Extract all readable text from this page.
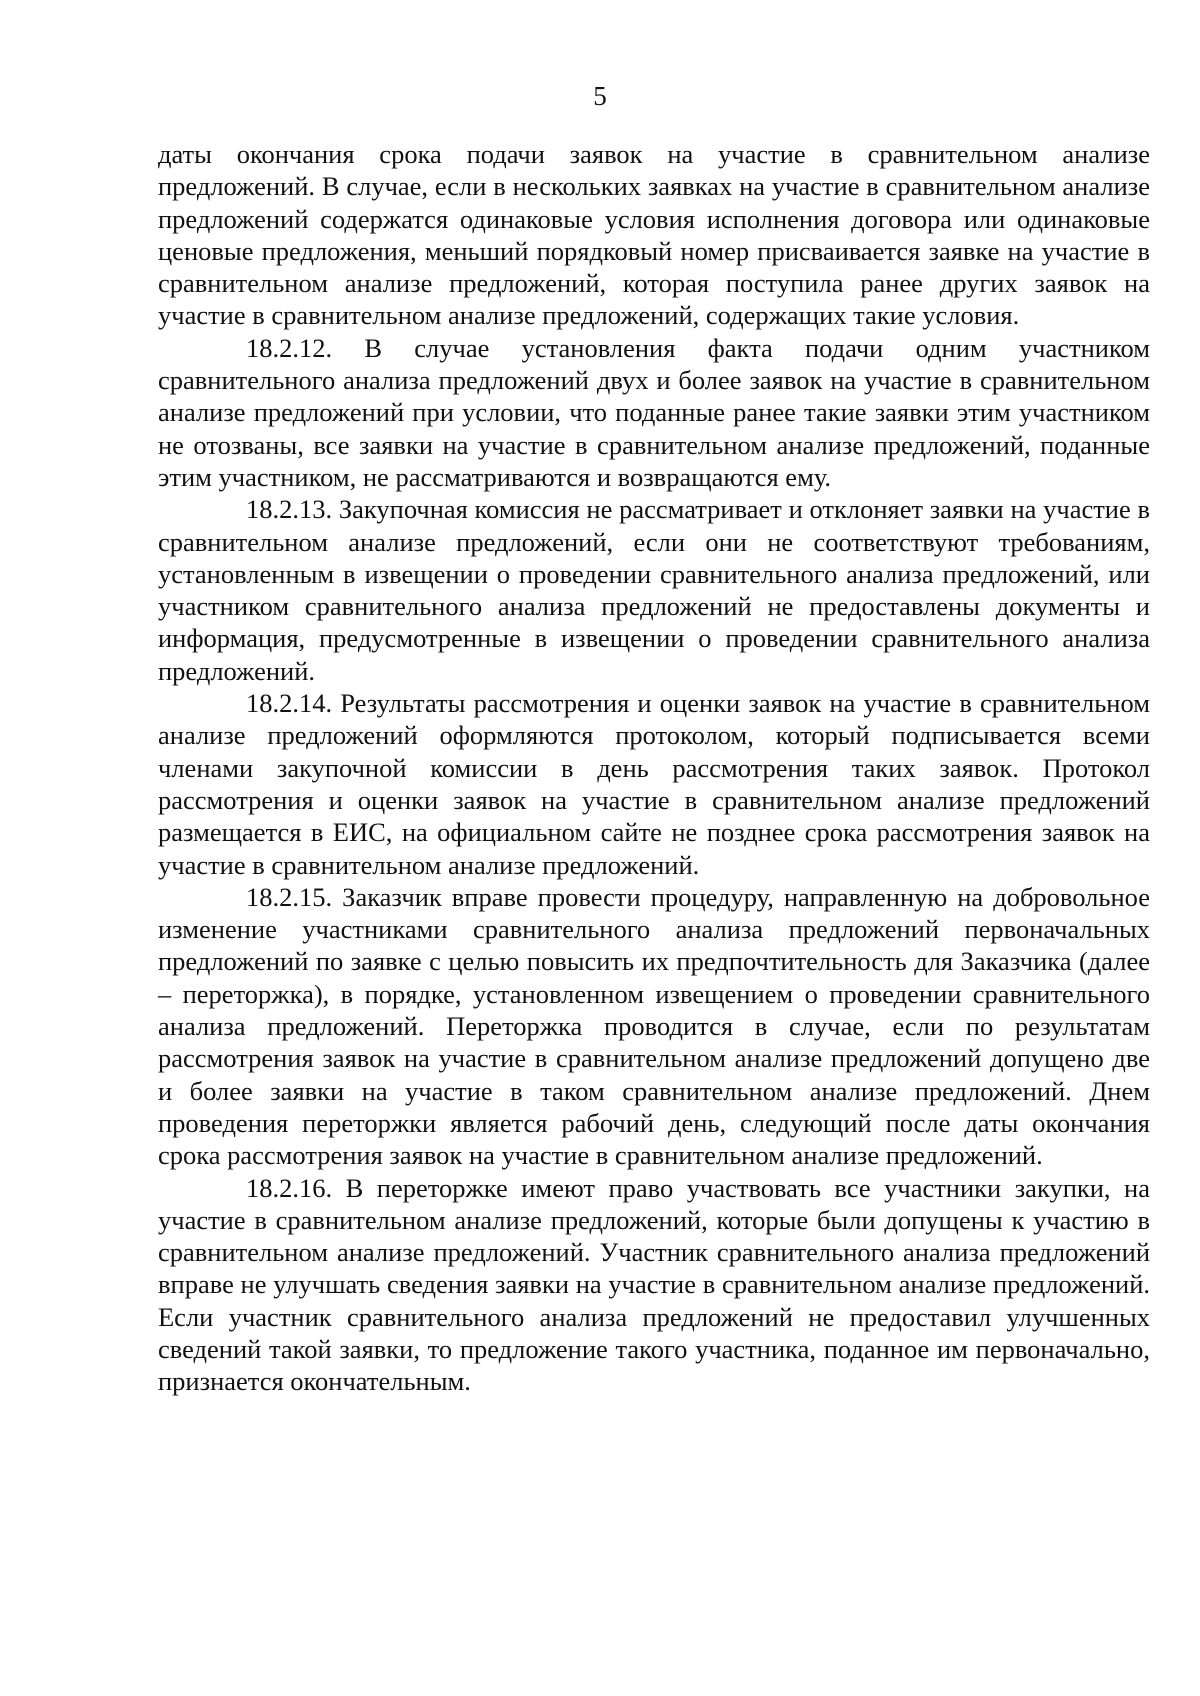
5

даты окончания срока подачи заявок на участие в сравнительном анализе предложений. В случае, если в нескольких заявках на участие в сравнительном анализе предложений содержатся одинаковые условия исполнения договора или одинаковые ценовые предложения, меньший порядковый номер присваивается заявке на участие в сравнительном анализе предложений, которая поступила ранее других заявок на участие в сравнительном анализе предложений, содержащих такие условия.

18.2.12. В случае установления факта подачи одним участником сравнительного анализа предложений двух и более заявок на участие в сравнительном анализе предложений при условии, что поданные ранее такие заявки этим участником не отозваны, все заявки на участие в сравнительном анализе предложений, поданные этим участником, не рассматриваются и возвращаются ему.

18.2.13. Закупочная комиссия не рассматривает и отклоняет заявки на участие в сравнительном анализе предложений, если они не соответствуют требованиям, установленным в извещении о проведении сравнительного анализа предложений, или участником сравнительного анализа предложений не предоставлены документы и информация, предусмотренные в извещении о проведении сравнительного анализа предложений.

18.2.14. Результаты рассмотрения и оценки заявок на участие в сравнительном анализе предложений оформляются протоколом, который подписывается всеми членами закупочной комиссии в день рассмотрения таких заявок. Протокол рассмотрения и оценки заявок на участие в сравнительном анализе предложений размещается в ЕИС, на официальном сайте не позднее срока рассмотрения заявок на участие в сравнительном анализе предложений.

18.2.15. Заказчик вправе провести процедуру, направленную на добровольное изменение участниками сравнительного анализа предложений первоначальных предложений по заявке с целью повысить их предпочтительность для Заказчика (далее – переторжка), в порядке, установленном извещением о проведении сравнительного анализа предложений. Переторжка проводится в случае, если по результатам рассмотрения заявок на участие в сравнительном анализе предложений допущено две и более заявки на участие в таком сравнительном анализе предложений. Днем проведения переторжки является рабочий день, следующий после даты окончания срока рассмотрения заявок на участие в сравнительном анализе предложений.

18.2.16. В переторжке имеют право участвовать все участники закупки, на участие в сравнительном анализе предложений, которые были допущены к участию в сравнительном анализе предложений. Участник сравнительного анализа предложений вправе не улучшать сведения заявки на участие в сравнительном анализе предложений. Если участник сравнительного анализа предложений не предоставил улучшенных сведений такой заявки, то предложение такого участника, поданное им первоначально, признается окончательным.
